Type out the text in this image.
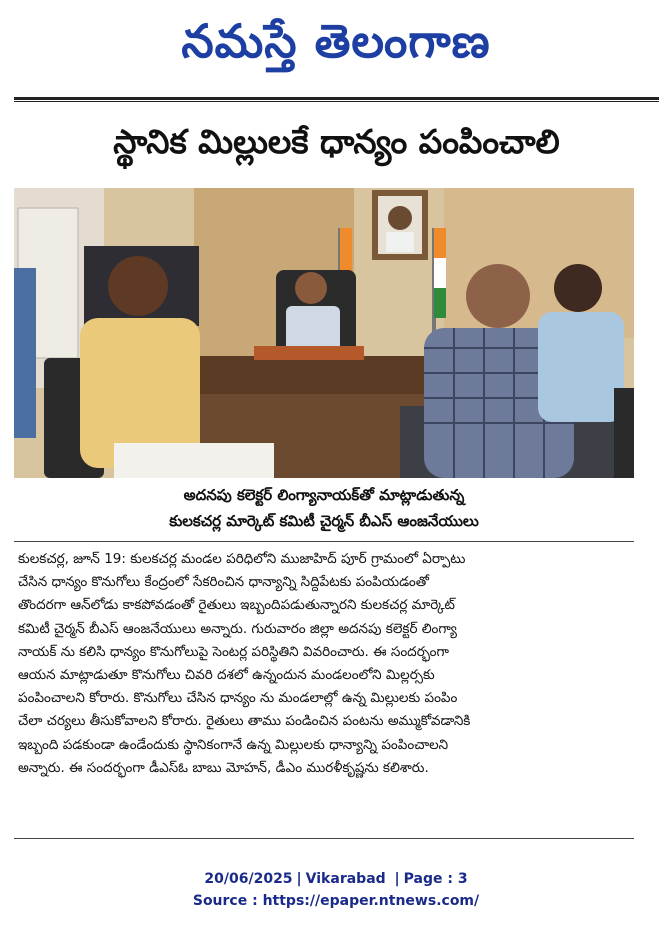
నమస్తే తెలంగాణ
స్థానిక మిల్లులకే ధాన్యం పంపించాలి
అదనపు కలెక్టర్ లింగ్యానాయక్‌తో మాట్లాడుతున్న
కులకచర్ల మార్కెట్ కమిటీ చైర్మన్ బీఎస్ ఆంజనేయులు
కులకచర్ల, జూన్ 19: కులకచర్ల మండల పరిధిలోని ముజాహిద్ పూర్ గ్రామంలో ఏర్పాటు
చేసిన ధాన్యం కొనుగోలు కేంద్రంలో సేకరించిన ధాన్యాన్ని సిద్దిపేటకు పంపియడంతో
తొందరగా ఆన్‌లోడు కాకపోవడంతో రైతులు ఇబ్బందిపడుతున్నారని కులకచర్ల మార్కెట్
కమిటీ చైర్మన్ బీఎస్ ఆంజనేయులు అన్నారు. గురువారం జిల్లా అదనపు కలెక్టర్ లింగ్యా
నాయక్ ను కలిసి ధాన్యం కొనుగోలుపై సెంటర్ల పరిస్థితిని వివరించారు. ఈ సందర్భంగా
ఆయన మాట్లాడుతూ కొనుగోలు చివరి దశలో ఉన్నందున మండలంలోని మిల్లర్సకు
పంపించాలని కోరారు. కొనుగోలు చేసిన ధాన్యం ను మండలాల్లో ఉన్న మిల్లులకు పంపిం
చేలా చర్యలు తీసుకోవాలని కోరారు. రైతులు తాము పండించిన పంటను అమ్ముకోవడానికి
ఇబ్బంది పడకుండా ఉండేందుకు స్థానికంగానే ఉన్న మిల్లులకు ధాన్యాన్ని పంపించాలని
అన్నారు. ఈ సందర్భంగా డీఎస్‌ఓ బాబు మోహన్, డీఎం మురళీకృష్ణను కలిశారు.
20/06/2025 | Vikarabad | Page : 3
Source : https://epaper.ntnews.com/
